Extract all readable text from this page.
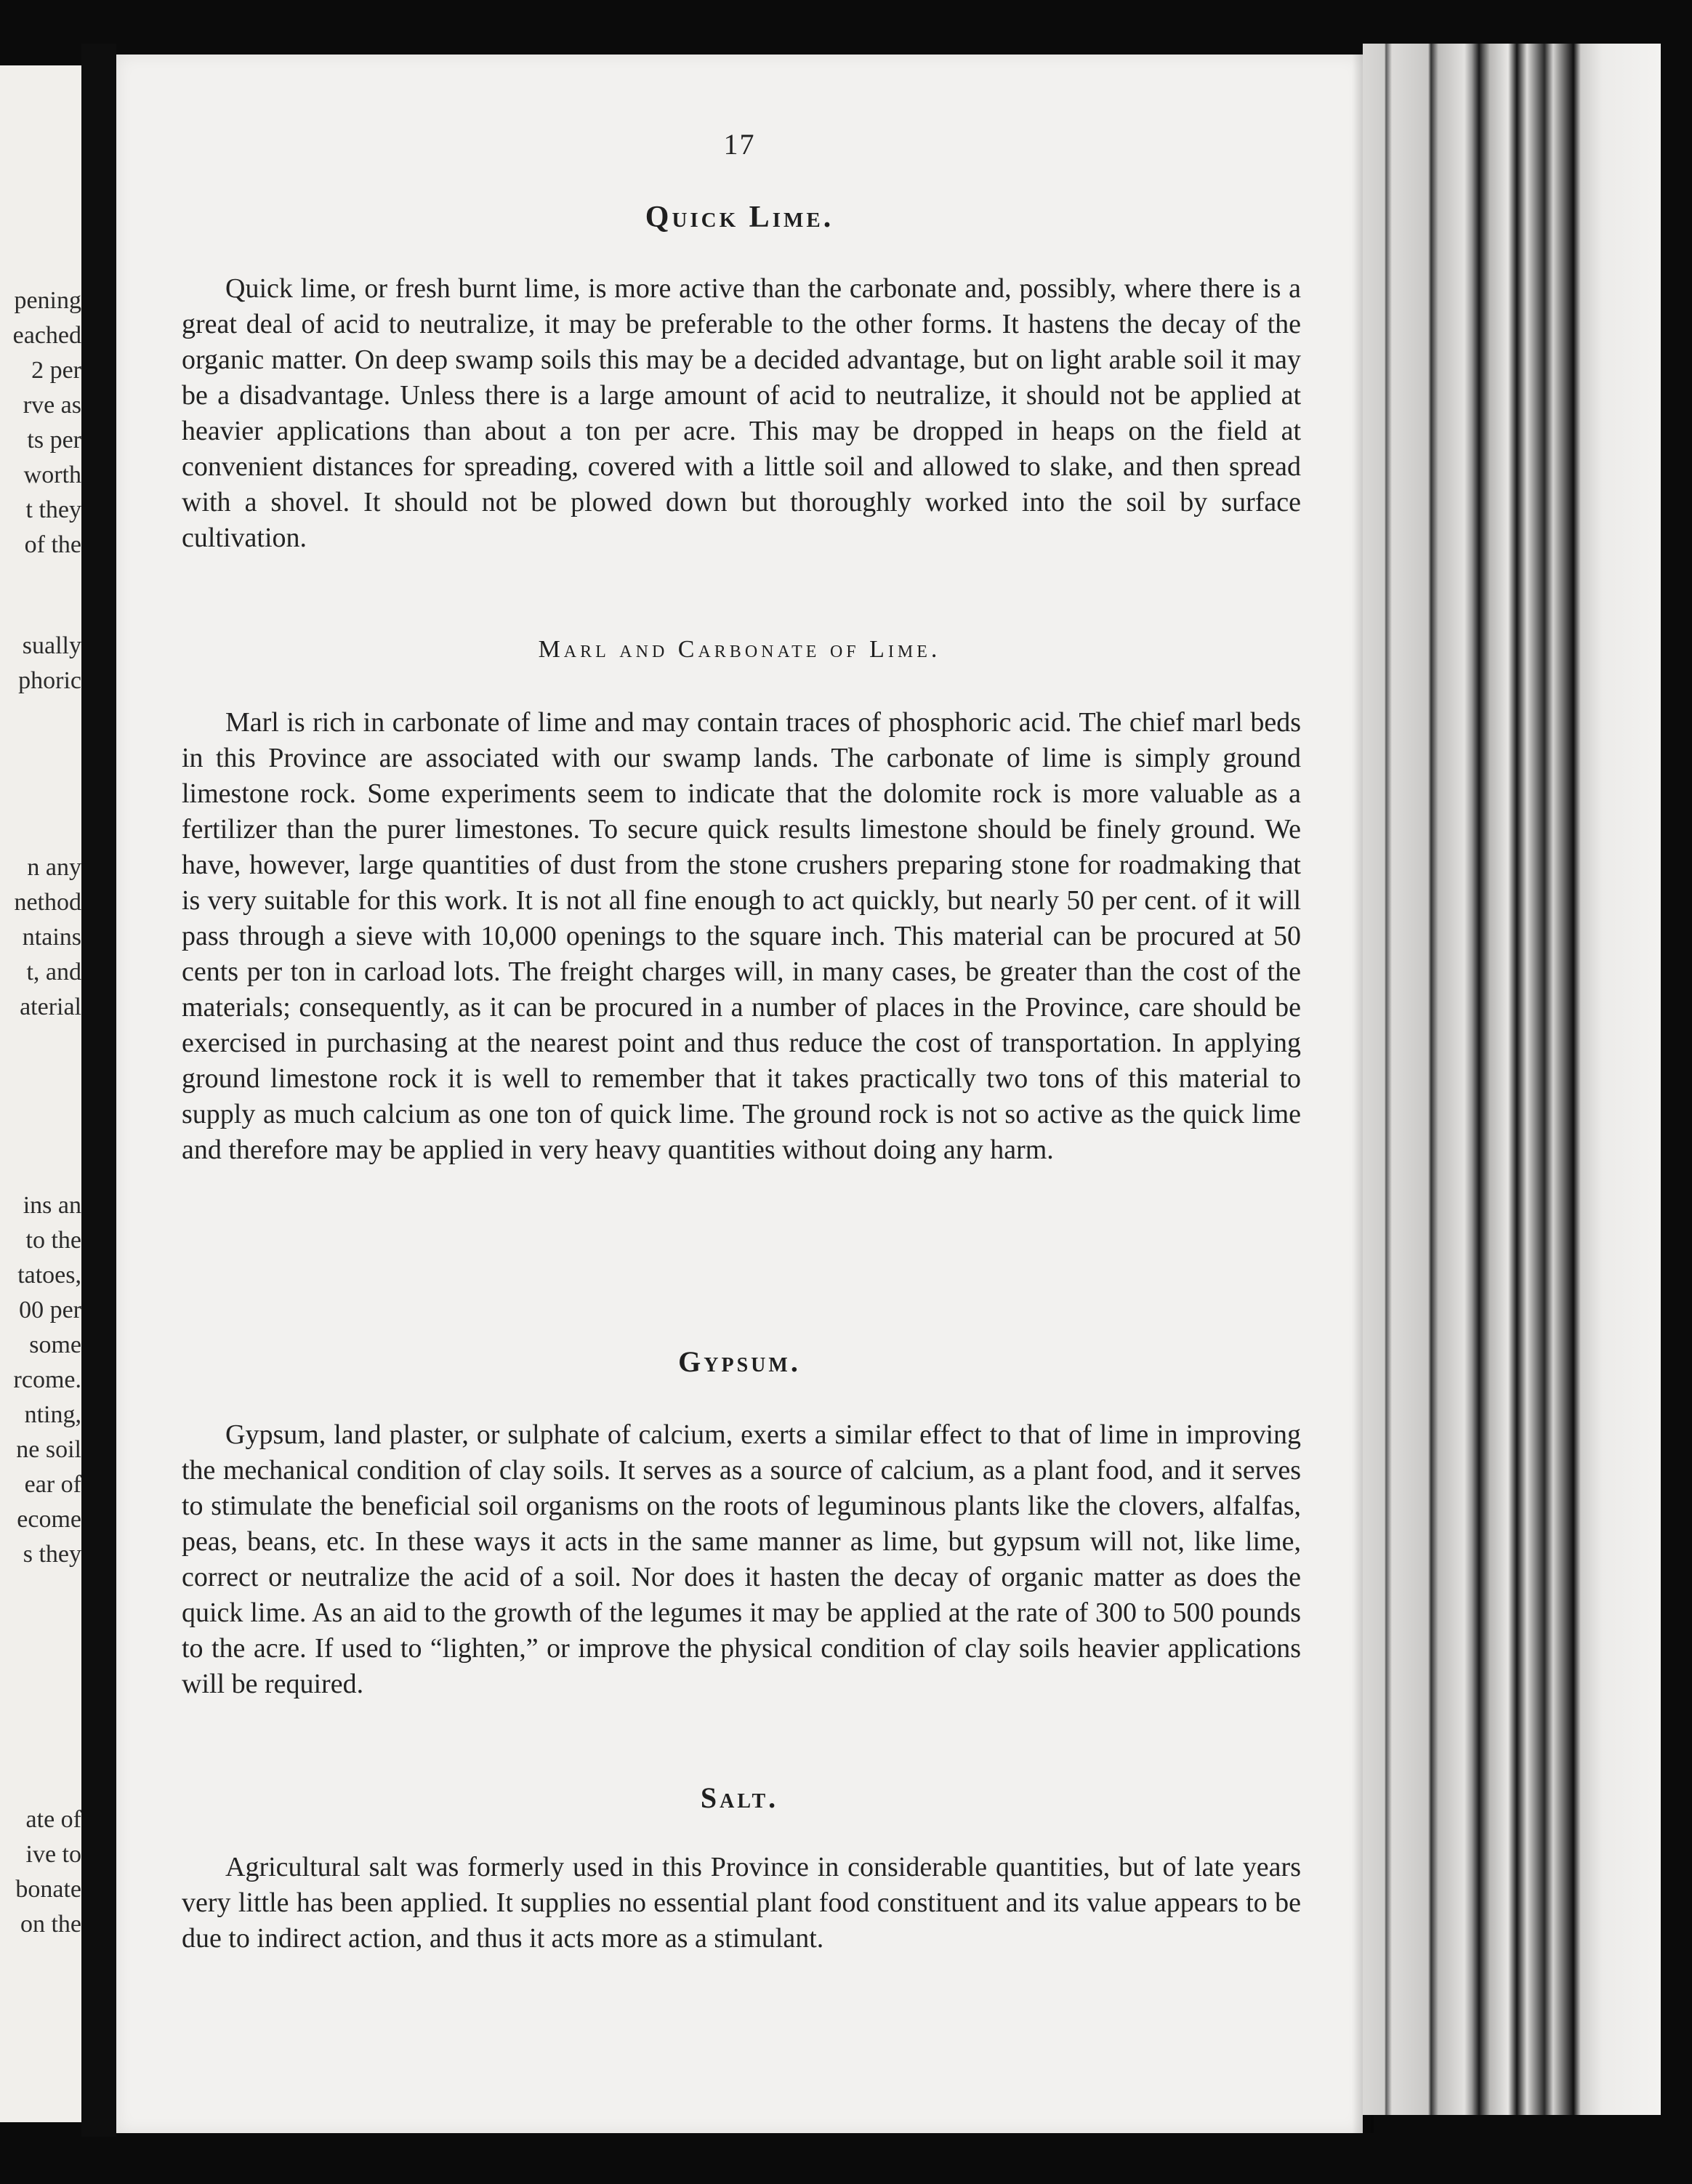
pening
eached
2 per
rve as
ts per
worth
t they
of the
sually
phoric
n any
nethod
ntains
t, and
aterial
ins an
to the
tatoes,
00 per
some
rcome.
nting,
ne soil
ear of
ecome
s they
ate of
ive to
bonate
on the
17
Quick Lime.

Quick lime, or fresh burnt lime, is more active than the carbonate and, possibly, where there is a great deal of acid to neutralize, it may be preferable to the other forms. It hastens the decay of the organic matter. On deep swamp soils this may be a decided advantage, but on light arable soil it may be a disadvantage. Unless there is a large amount of acid to neutralize, it should not be applied at heavier applications than about a ton per acre. This may be dropped in heaps on the field at convenient distances for spreading, covered with a little soil and allowed to slake, and then spread with a shovel. It should not be plowed down but thoroughly worked into the soil by surface cultivation.

Marl and Carbonate of Lime.

Marl is rich in carbonate of lime and may contain traces of phosphoric acid. The chief marl beds in this Province are associated with our swamp lands. The carbonate of lime is simply ground limestone rock. Some experiments seem to indicate that the dolomite rock is more valuable as a fertilizer than the purer limestones. To secure quick results limestone should be finely ground. We have, however, large quantities of dust from the stone crushers preparing stone for roadmaking that is very suitable for this work. It is not all fine enough to act quickly, but nearly 50 per cent. of it will pass through a sieve with 10,000 openings to the square inch. This material can be procured at 50 cents per ton in carload lots. The freight charges will, in many cases, be greater than the cost of the materials; consequently, as it can be procured in a number of places in the Province, care should be exercised in purchasing at the nearest point and thus reduce the cost of transportation. In applying ground limestone rock it is well to remember that it takes practically two tons of this material to supply as much calcium as one ton of quick lime. The ground rock is not so active as the quick lime and therefore may be applied in very heavy quantities without doing any harm.

Gypsum.

Gypsum, land plaster, or sulphate of calcium, exerts a similar effect to that of lime in improving the mechanical condition of clay soils. It serves as a source of calcium, as a plant food, and it serves to stimulate the beneficial soil organisms on the roots of leguminous plants like the clovers, alfalfas, peas, beans, etc. In these ways it acts in the same manner as lime, but gypsum will not, like lime, correct or neutralize the acid of a soil. Nor does it hasten the decay of organic matter as does the quick lime. As an aid to the growth of the legumes it may be applied at the rate of 300 to 500 pounds to the acre. If used to “lighten,” or improve the physical condition of clay soils heavier applications will be required.

Salt.

Agricultural salt was formerly used in this Province in considerable quantities, but of late years very little has been applied. It supplies no essential plant food constituent and its value appears to be due to indirect action, and thus it acts more as a stimulant.
